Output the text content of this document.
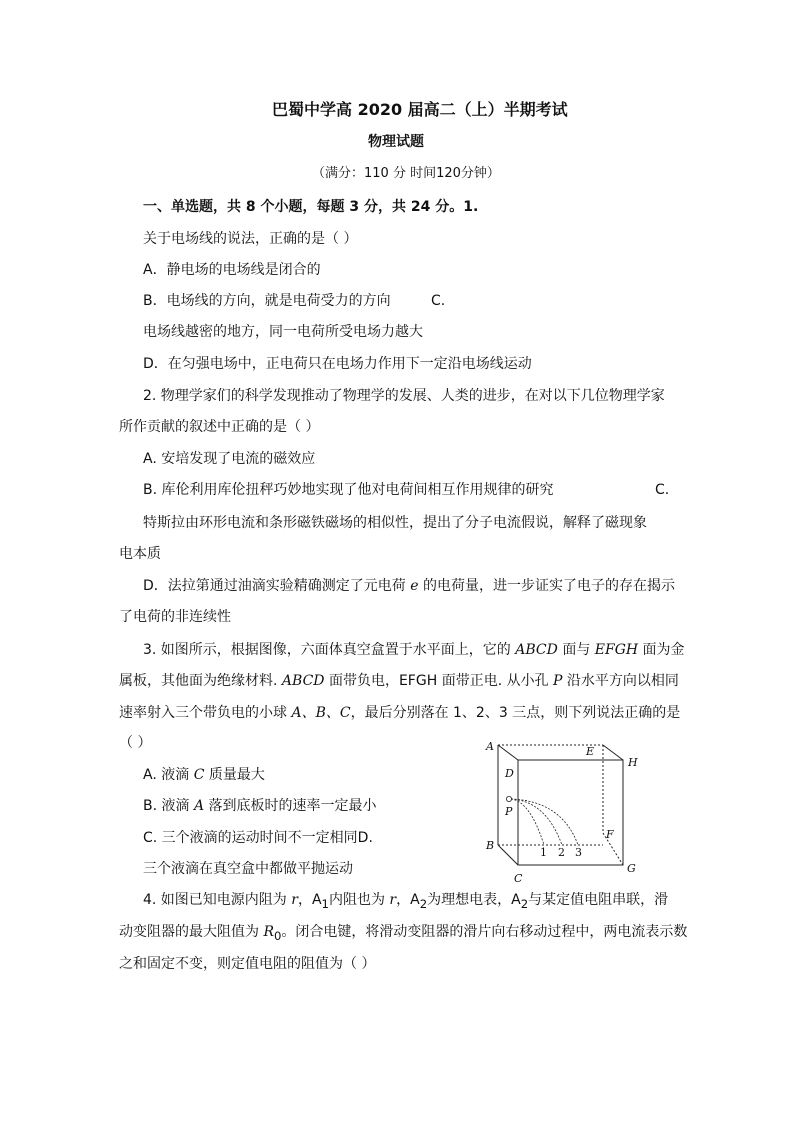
巴蜀中学高 2020 届高二（上）半期考试
物理试题
（满分：110 分 时间120分钟）
一、单选题，共 8 个小题，每题 3 分，共 24 分。1.
关于电场线的说法，正确的是（ ）
A．静电场的电场线是闭合的
B．电场线的方向，就是电荷受力的方向	C.
电场线越密的地方，同一电荷所受电场力越大
D．在匀强电场中，正电荷只在电场力作用下一定沿电场线运动
2. 物理学家们的科学发现推动了物理学的发展、人类的进步，在对以下几位物理学家
所作贡献的叙述中正确的是（ ）
A. 安培发现了电流的磁效应
B. 库伦利用库伦扭秤巧妙地实现了他对电荷间相互作用规律的研究	C.
特斯拉由环形电流和条形磁铁磁场的相似性，提出了分子电流假说，解释了磁现象
电本质
D．法拉第通过油滴实验精确测定了元电荷 e 的电荷量，进一步证实了电子的存在揭示
了电荷的非连续性
3. 如图所示，根据图像，六面体真空盒置于水平面上，它的 ABCD 面与 EFGH 面为金
属板，其他面为绝缘材料. ABCD 面带负电，EFGH 面带正电. 从小孔 P 沿水平方向以相同
速率射入三个带负电的小球 A、B、C，最后分别落在 1、2、3 三点，则下列说法正确的是
（ ）
A. 液滴 C 质量最大
B. 液滴 A 落到底板时的速率一定最小
C. 三个液滴的运动时间不一定相同D.
三个液滴在真空盒中都做平抛运动
A	E
H
D
P
F
B
G
C
1 2 3
4. 如图已知电源内阻为 r，$A_1$内阻也为 r，$A_2$为理想电表，$A_2$与某定值电阻串联，滑
动变阻器的最大阻值为 $R_0$。闭合电键，将滑动变阻器的滑片向右移动过程中，两电流表示数
之和固定不变，则定值电阻的阻值为（ ）
